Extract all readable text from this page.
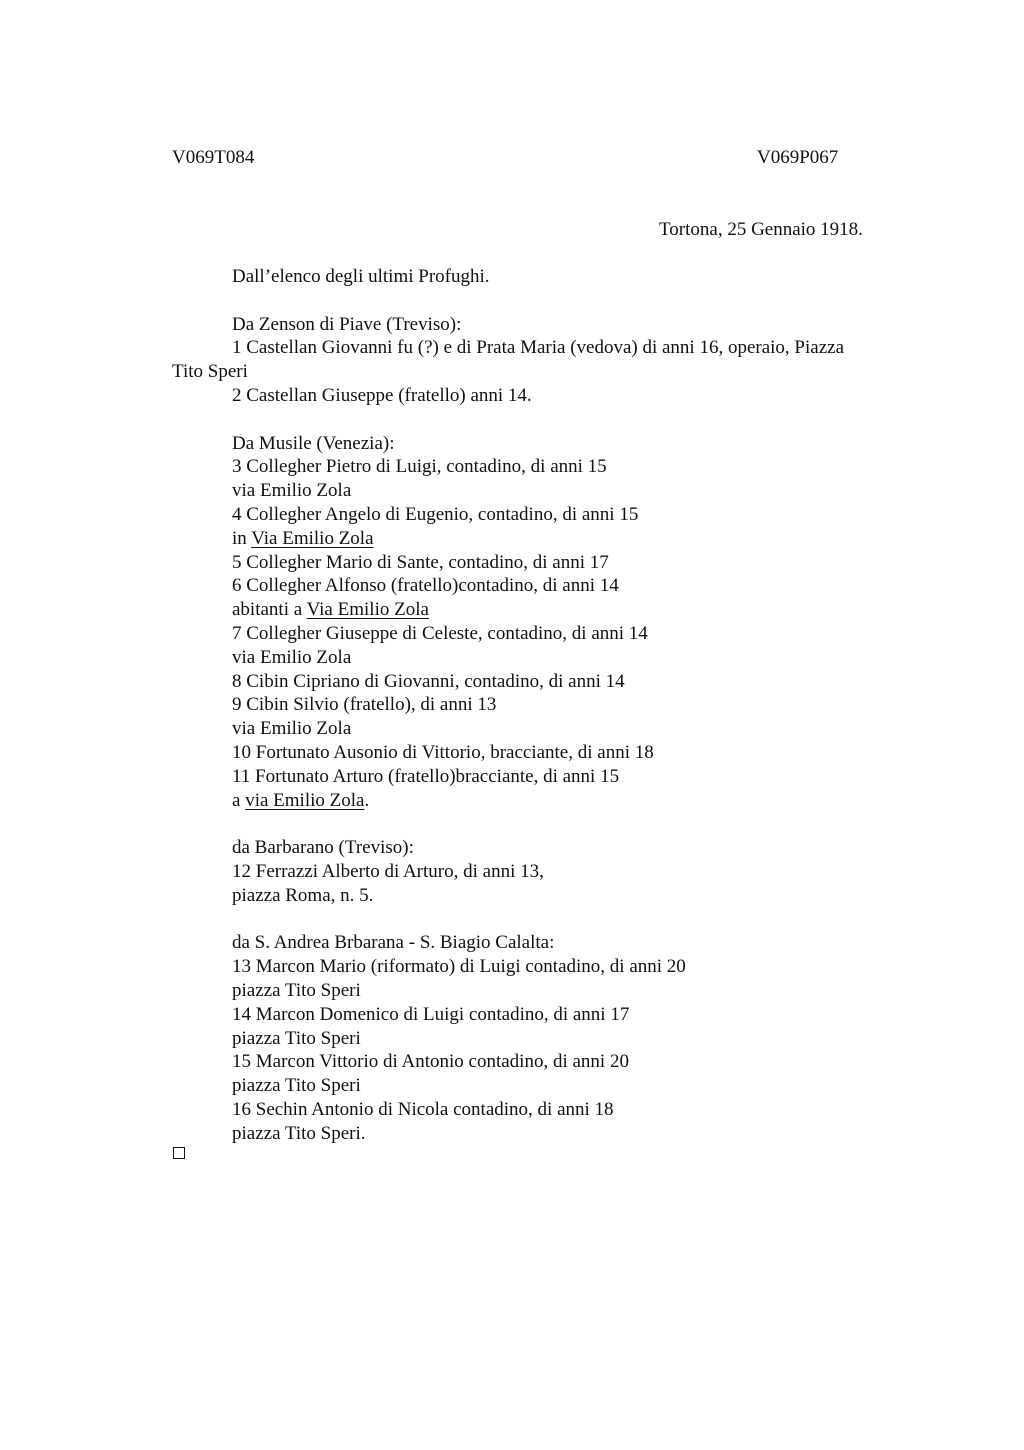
V069T084	V069P067
Tortona, 25 Gennaio 1918.
Dall’elenco degli ultimi Profughi.
Da Zenson di Piave (Treviso):
1 Castellan Giovanni fu (?) e di Prata Maria (vedova) di anni 16, operaio, Piazza
Tito Speri
2 Castellan Giuseppe (fratello) anni 14.
Da Musile (Venezia):
3 Collegher Pietro di Luigi, contadino, di anni 15
via Emilio Zola
4 Collegher Angelo di Eugenio, contadino, di anni 15
in Via Emilio Zola
5 Collegher Mario di Sante, contadino, di anni 17
6 Collegher Alfonso (fratello)contadino, di anni 14
abitanti a Via Emilio Zola
7 Collegher Giuseppe di Celeste, contadino, di anni 14
via Emilio Zola
8 Cibin Cipriano di Giovanni, contadino, di anni 14
9 Cibin Silvio (fratello), di anni 13
via Emilio Zola
10 Fortunato Ausonio di Vittorio, bracciante, di anni 18
11 Fortunato Arturo (fratello)bracciante, di anni 15
a via Emilio Zola.
da Barbarano (Treviso):
12 Ferrazzi Alberto di Arturo, di anni 13,
piazza Roma, n. 5.
da S. Andrea Brbarana - S. Biagio Calalta:
13 Marcon Mario (riformato) di Luigi contadino, di anni 20
piazza Tito Speri
14 Marcon Domenico di Luigi contadino, di anni 17
piazza Tito Speri
15 Marcon Vittorio di Antonio contadino, di anni 20
piazza Tito Speri
16 Sechin Antonio di Nicola contadino, di anni 18
piazza Tito Speri.
